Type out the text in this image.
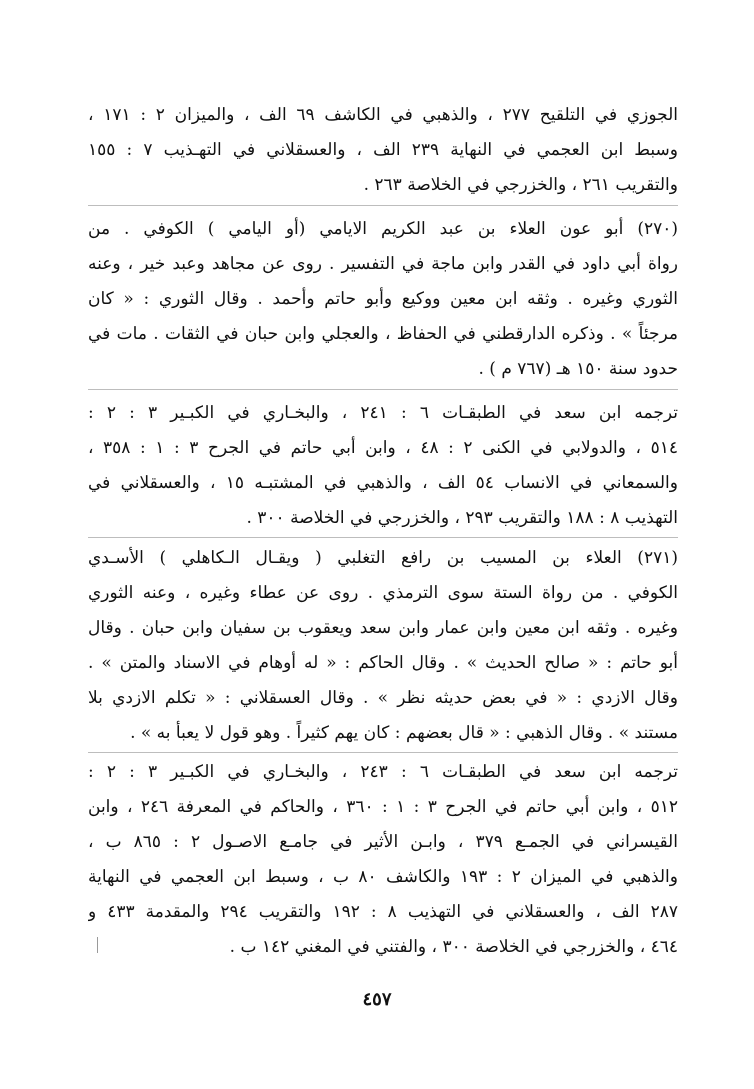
الجوزي في التلقيح ٢٧٧ ، والذهبي في الكاشف ٦٩ الف ، والميزان ٢ : ١٧١ ،
وسبط ابن العجمي في النهاية ٢٣٩ الف ، والعسقلاني في التهـذيب ٧ : ١٥٥
والتقريب ٢٦١ ، والخزرجي في الخلاصة ٢٦٣ .
(٢٧٠) أبو عون العلاء بن عبد الكريم الايامي (أو اليامي ) الكوفي . من
رواة أبي داود في القدر وابن ماجة في التفسير . روى عن مجاهد وعبد خير ، وعنه
الثوري وغيره . وثقه ابن معين ووكيع وأبو حاتم وأحمد . وقال الثوري : « كان
مرجئاً » . وذكره الدارقطني في الحفاظ ، والعجلي وابن حبان في الثقات . مات في
حدود سنة ١٥٠ هـ (٧٦٧ م ) .
ترجمه ابن سعد في الطبقـات ٦ : ٢٤١ ، والبخـاري في الكبـير ٣ : ٢ :
٥١٤ ، والدولابي في الكنى ٢ : ٤٨ ، وابن أبي حاتم في الجرح ٣ : ١ : ٣٥٨ ،
والسمعاني في الانساب ٥٤ الف ، والذهبي في المشتبـه ١٥ ، والعسقلاني في
التهذيب ٨ : ١٨٨ والتقريب ٢٩٣ ، والخزرجي في الخلاصة ٣٠٠ .
(٢٧١) العلاء بن المسيب بن رافع التغلبي ( ويقـال الـكاهلي ) الأسـدي
الكوفي . من رواة الستة سوى الترمذي . روى عن عطاء وغيره ، وعنه الثوري
وغيره . وثقه ابن معين وابن عمار وابن سعد ويعقوب بن سفيان وابن حبان . وقال
أبو حاتم : « صالح الحديث » . وقال الحاكم : « له أوهام في الاسناد والمتن » .
وقال الازدي : « في بعض حديثه نظر » . وقال العسقلاني : « تكلم الازدي بلا
مستند » . وقال الذهبي : « قال بعضهم : كان يهم كثيراً . وهو قول لا يعبأ به » .
ترجمه ابن سعد في الطبقـات ٦ : ٢٤٣ ، والبخـاري في الكبـير ٣ : ٢ :
٥١٢ ، وابن أبي حاتم في الجرح ٣ : ١ : ٣٦٠ ، والحاكم في المعرفة ٢٤٦ ، وابن
القيسراني في الجمـع ٣٧٩ ، وابـن الأثير في جامـع الاصـول ٢ : ٨٦٥ ب ،
والذهبي في الميزان ٢ : ١٩٣ والكاشف ٨٠ ب ، وسبط ابن العجمي في النهاية
٢٨٧ الف ، والعسقلاني في التهذيب ٨ : ١٩٢ والتقريب ٢٩٤ والمقدمة ٤٣٣ و
٤٦٤ ، والخزرجي في الخلاصة ٣٠٠ ، والفتني في المغني ١٤٢ ب .
٤٥٧
